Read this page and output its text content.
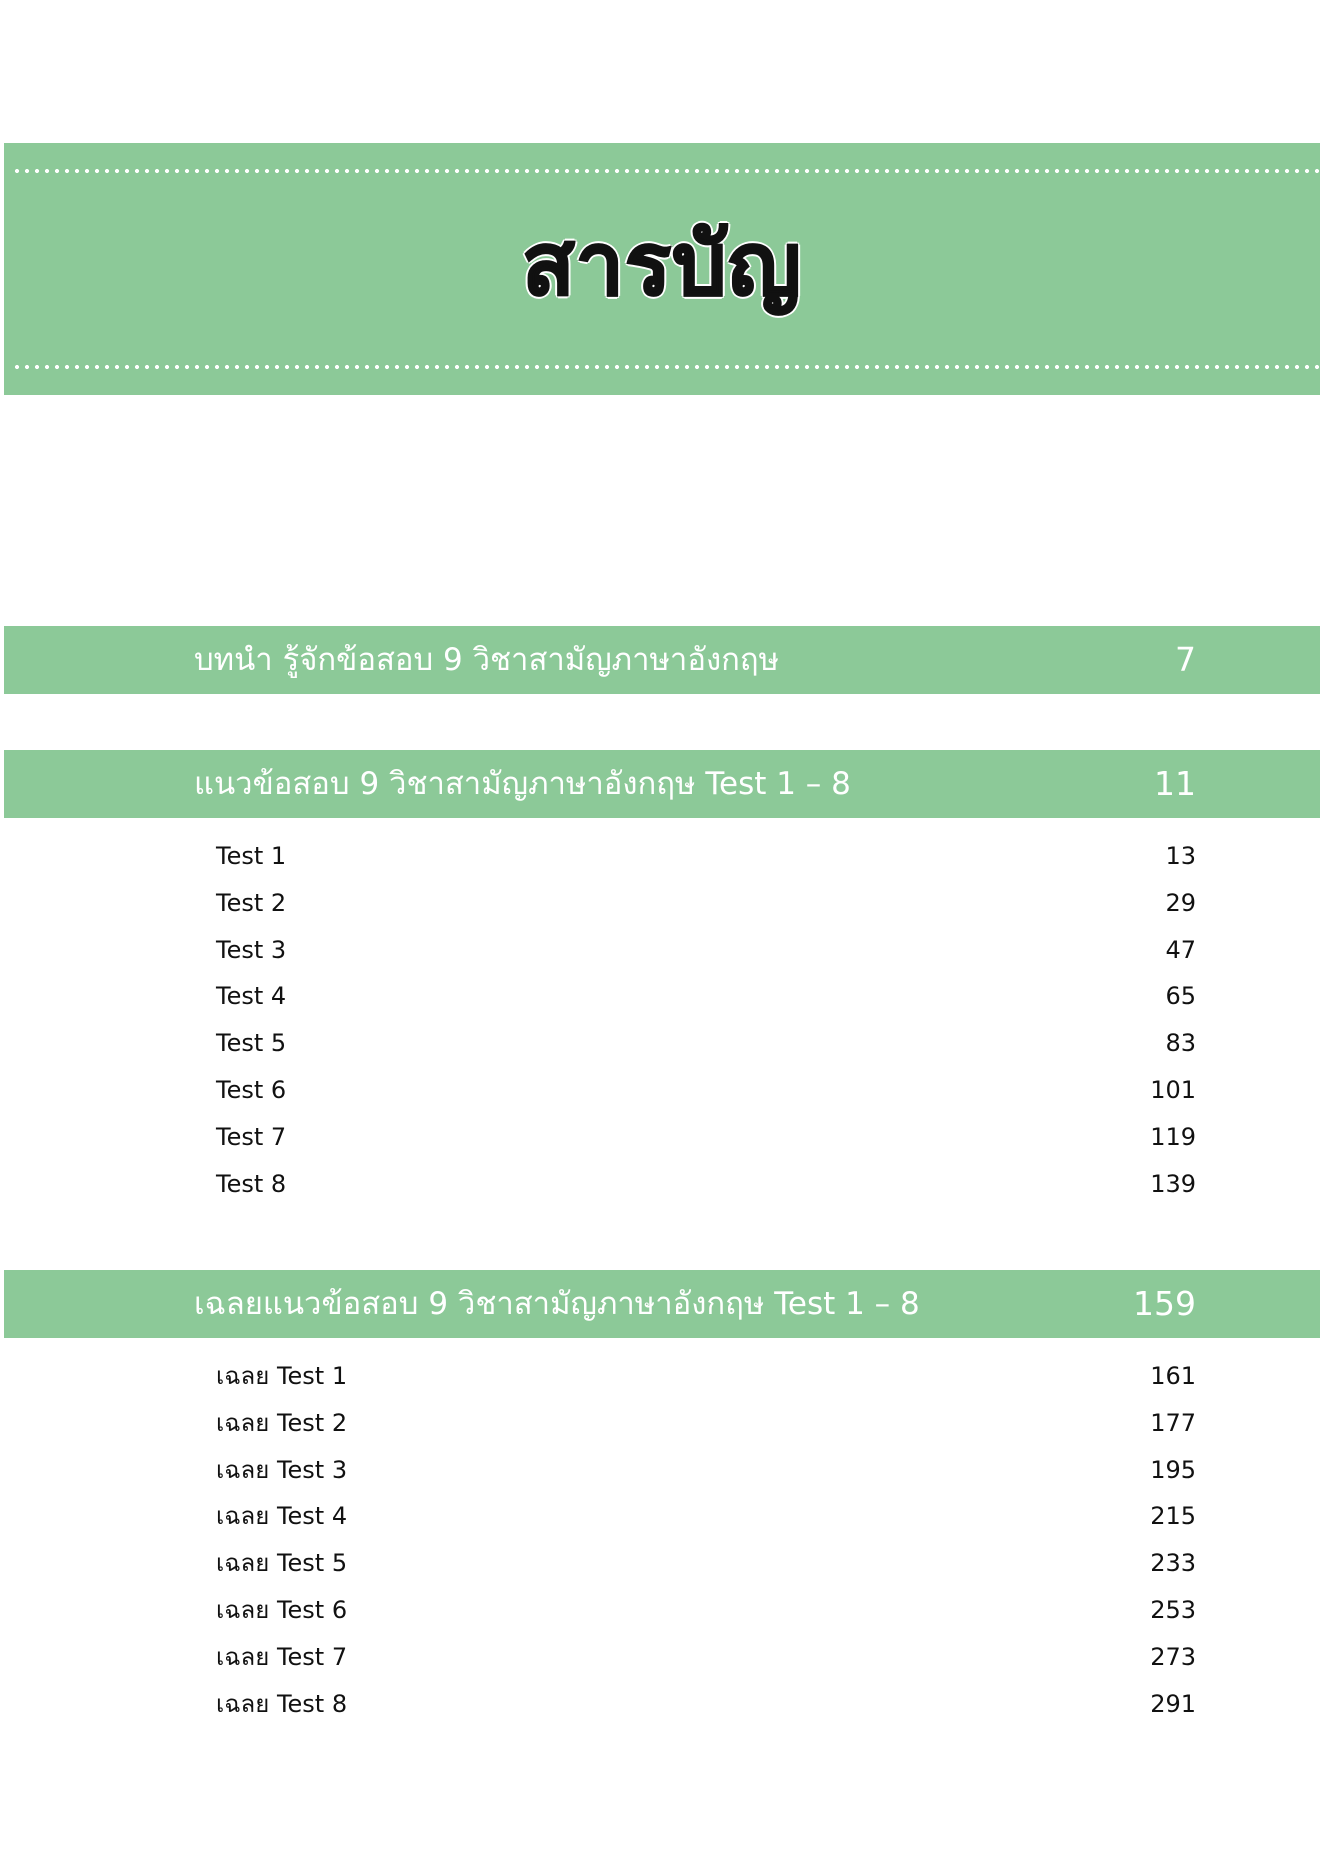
สารบัญ
บทนำ รู้จักข้อสอบ 9 วิชาสามัญภาษาอังกฤษ	7
แนวข้อสอบ 9 วิชาสามัญภาษาอังกฤษ Test 1 – 8	11
Test 1	13
Test 2	29
Test 3	47
Test 4	65
Test 5	83
Test 6	101
Test 7	119
Test 8	139
เฉลยแนวข้อสอบ 9 วิชาสามัญภาษาอังกฤษ Test 1 – 8	159
เฉลย Test 1	161
เฉลย Test 2	177
เฉลย Test 3	195
เฉลย Test 4	215
เฉลย Test 5	233
เฉลย Test 6	253
เฉลย Test 7	273
เฉลย Test 8	291
